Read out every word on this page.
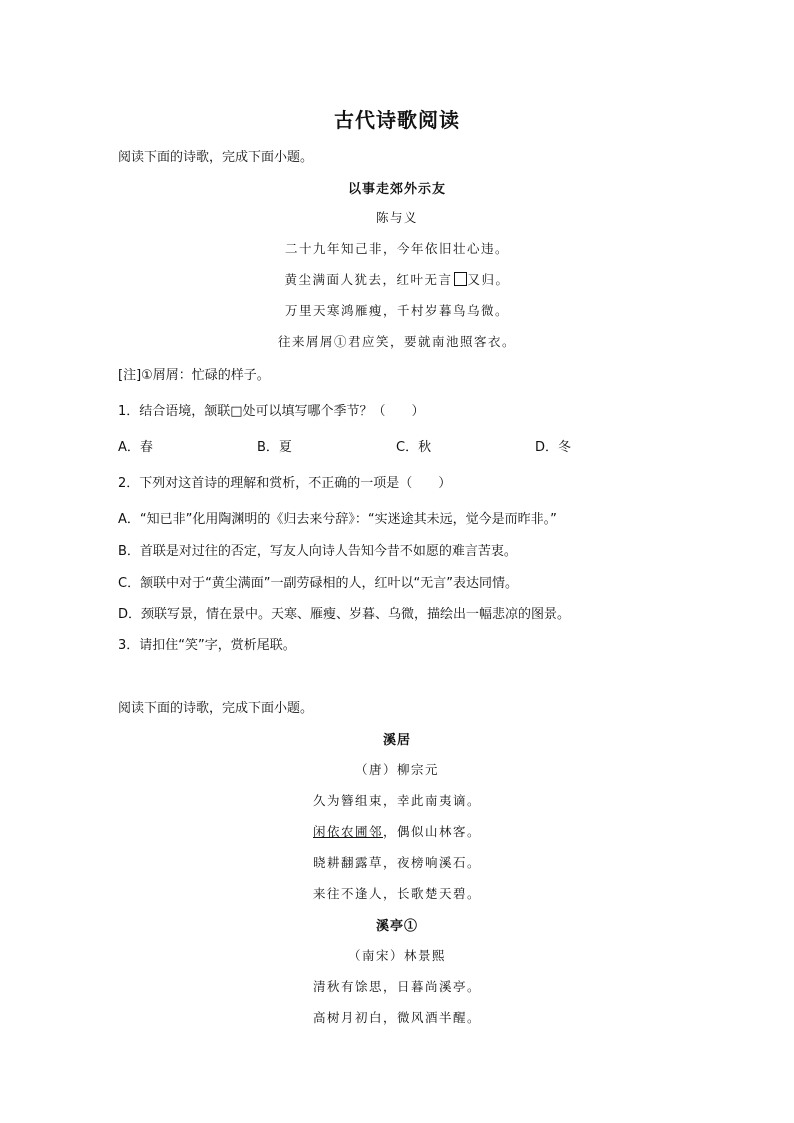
古代诗歌阅读
阅读下面的诗歌，完成下面小题。
以事走郊外示友
陈与义
二十九年知己非，今年依旧壮心违。
黄尘满面人犹去，红叶无言 又归。
万里天寒鸿雁瘦，千村岁暮鸟乌微。
往来屑屑①君应笑，要就南池照客衣。
[注]①屑屑：忙碌的样子。
1．结合语境，颔联□处可以填写哪个季节？（　　）
A．春	B．夏	C．秋	D．冬
2．下列对这首诗的理解和赏析，不正确的一项是（　　）
A．“知已非”化用陶渊明的《归去来兮辞》：“实迷途其未远，觉今是而昨非。”
B．首联是对过往的否定，写友人向诗人告知今昔不如愿的难言苦衷。
C．颔联中对于“黄尘满面”一副劳碌相的人，红叶以“无言”表达同情。
D．颈联写景，情在景中。天寒、雁瘦、岁暮、乌微，描绘出一幅悲凉的图景。
3．请扣住“笑”字，赏析尾联。
阅读下面的诗歌，完成下面小题。
溪居
（唐）柳宗元
久为簪组束，幸此南夷谪。
闲依农圃邻，偶似山林客。
晓耕翻露草，夜榜响溪石。
来往不逢人，长歌楚天碧。
溪亭①
（南宋）林景熙
清秋有馀思，日暮尚溪亭。
高树月初白，微风酒半醒。
